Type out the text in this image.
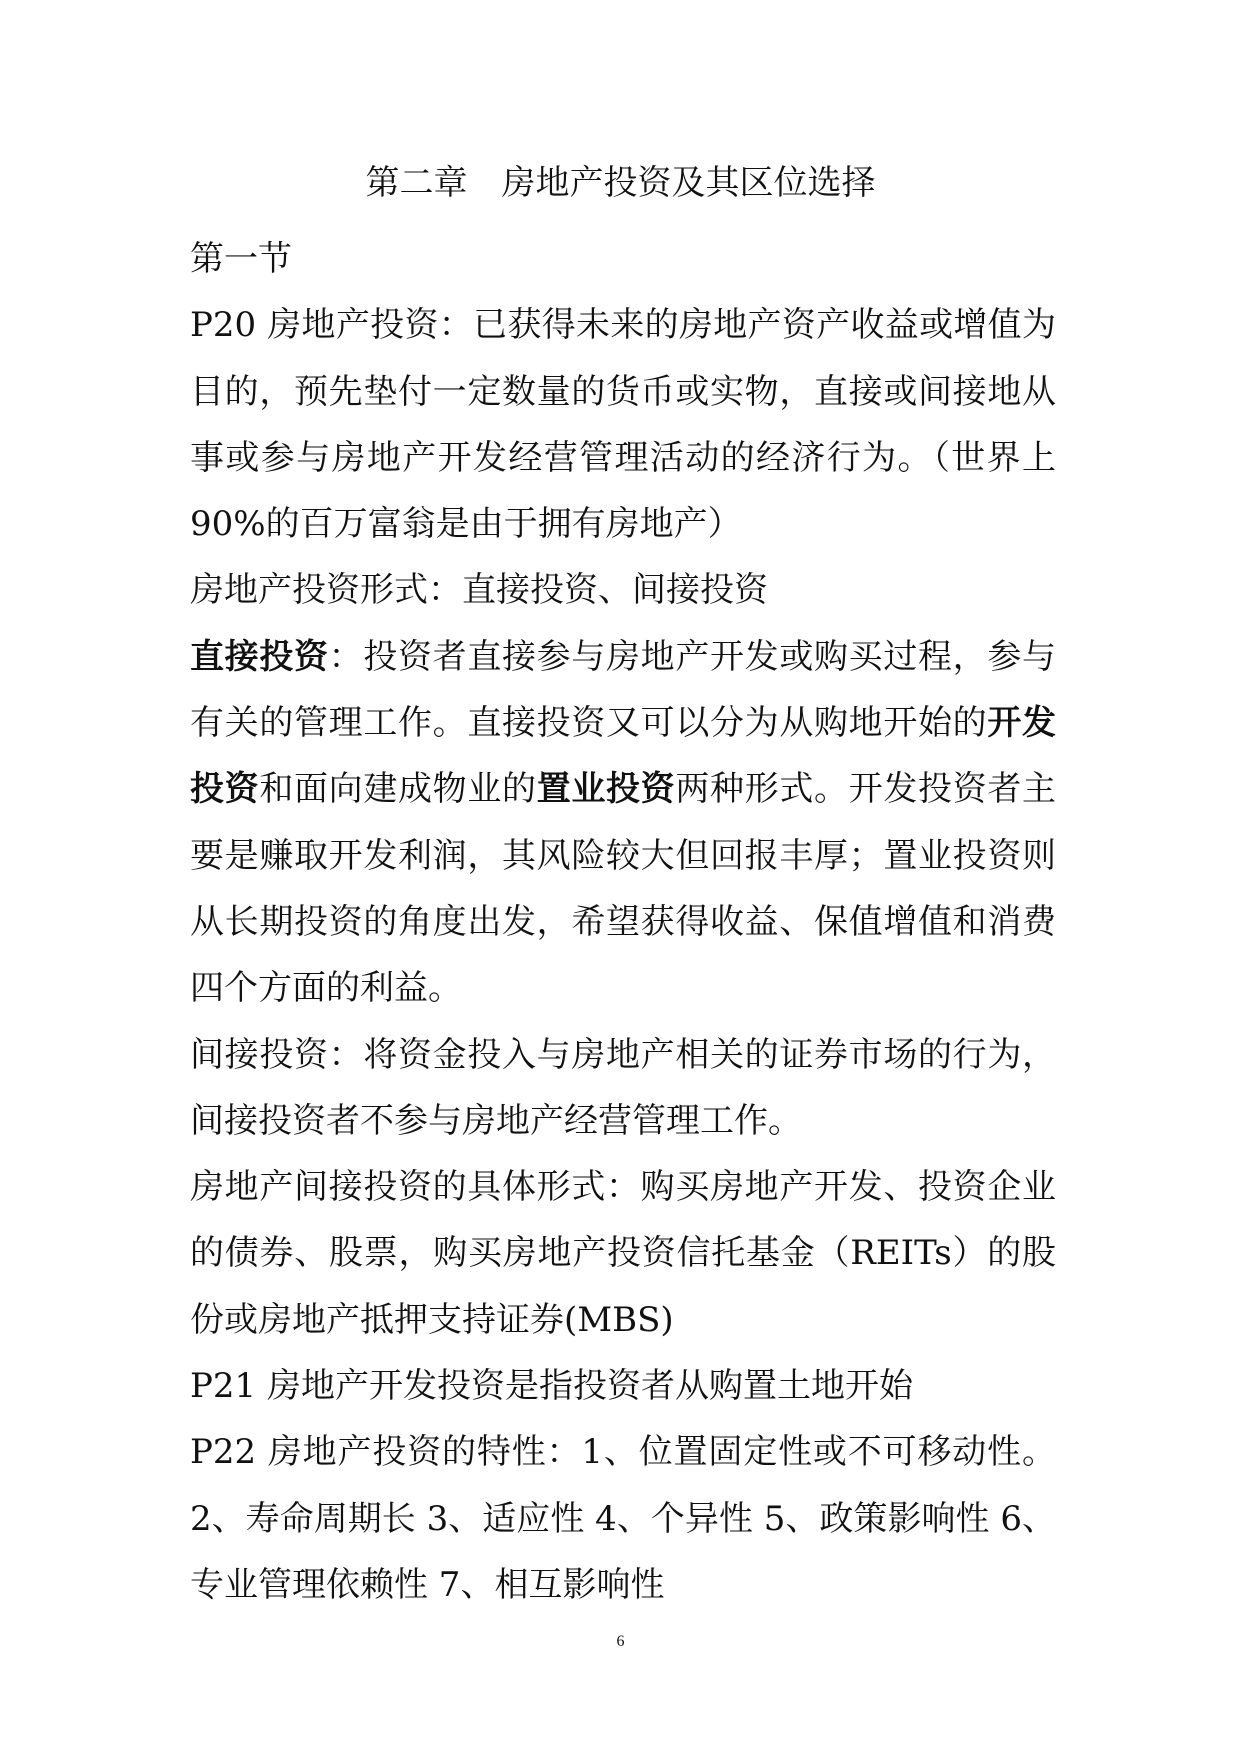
第二章　房地产投资及其区位选择

第一节

P20 房地产投资：已获得未来的房地产资产收益或增值为目的，预先垫付一定数量的货币或实物，直接或间接地从事或参与房地产开发经营管理活动的经济行为。（世界上 90%的百万富翁是由于拥有房地产）

房地产投资形式：直接投资、间接投资

直接投资：投资者直接参与房地产开发或购买过程，参与有关的管理工作。直接投资又可以分为从购地开始的开发投资和面向建成物业的置业投资两种形式。开发投资者主要是赚取开发利润，其风险较大但回报丰厚；置业投资则从长期投资的角度出发，希望获得收益、保值增值和消费四个方面的利益。

间接投资：将资金投入与房地产相关的证券市场的行为，间接投资者不参与房地产经营管理工作。

房地产间接投资的具体形式：购买房地产开发、投资企业的债券、股票，购买房地产投资信托基金（REITs）的股份或房地产抵押支持证券(MBS)

P21 房地产开发投资是指投资者从购置土地开始

P22 房地产投资的特性：1、位置固定性或不可移动性。2、寿命周期长 3、适应性 4、个异性 5、政策影响性 6、专业管理依赖性 7、相互影响性

6
